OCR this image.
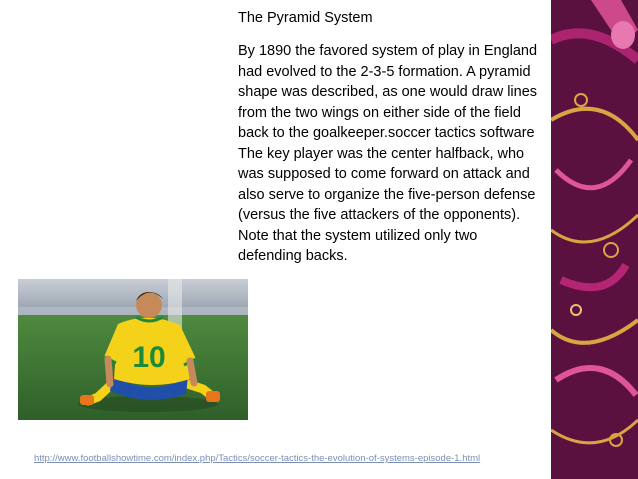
The Pyramid System
By 1890 the favored system of play in England had evolved to the 2-3-5 formation. A pyramid shape was described, as one would draw lines from the two wings on either side of the field back to the goalkeeper.soccer tactics software The key player was the center halfback, who was supposed to come forward on attack and also serve to organize the five-person defense (versus the five attackers of the opponents). Note that the system utilized only two defending backs.
10
http://www.footballshowtime.com/index.php/Tactics/soccer-tactics-the-evolution-of-systems-episode-1.html
